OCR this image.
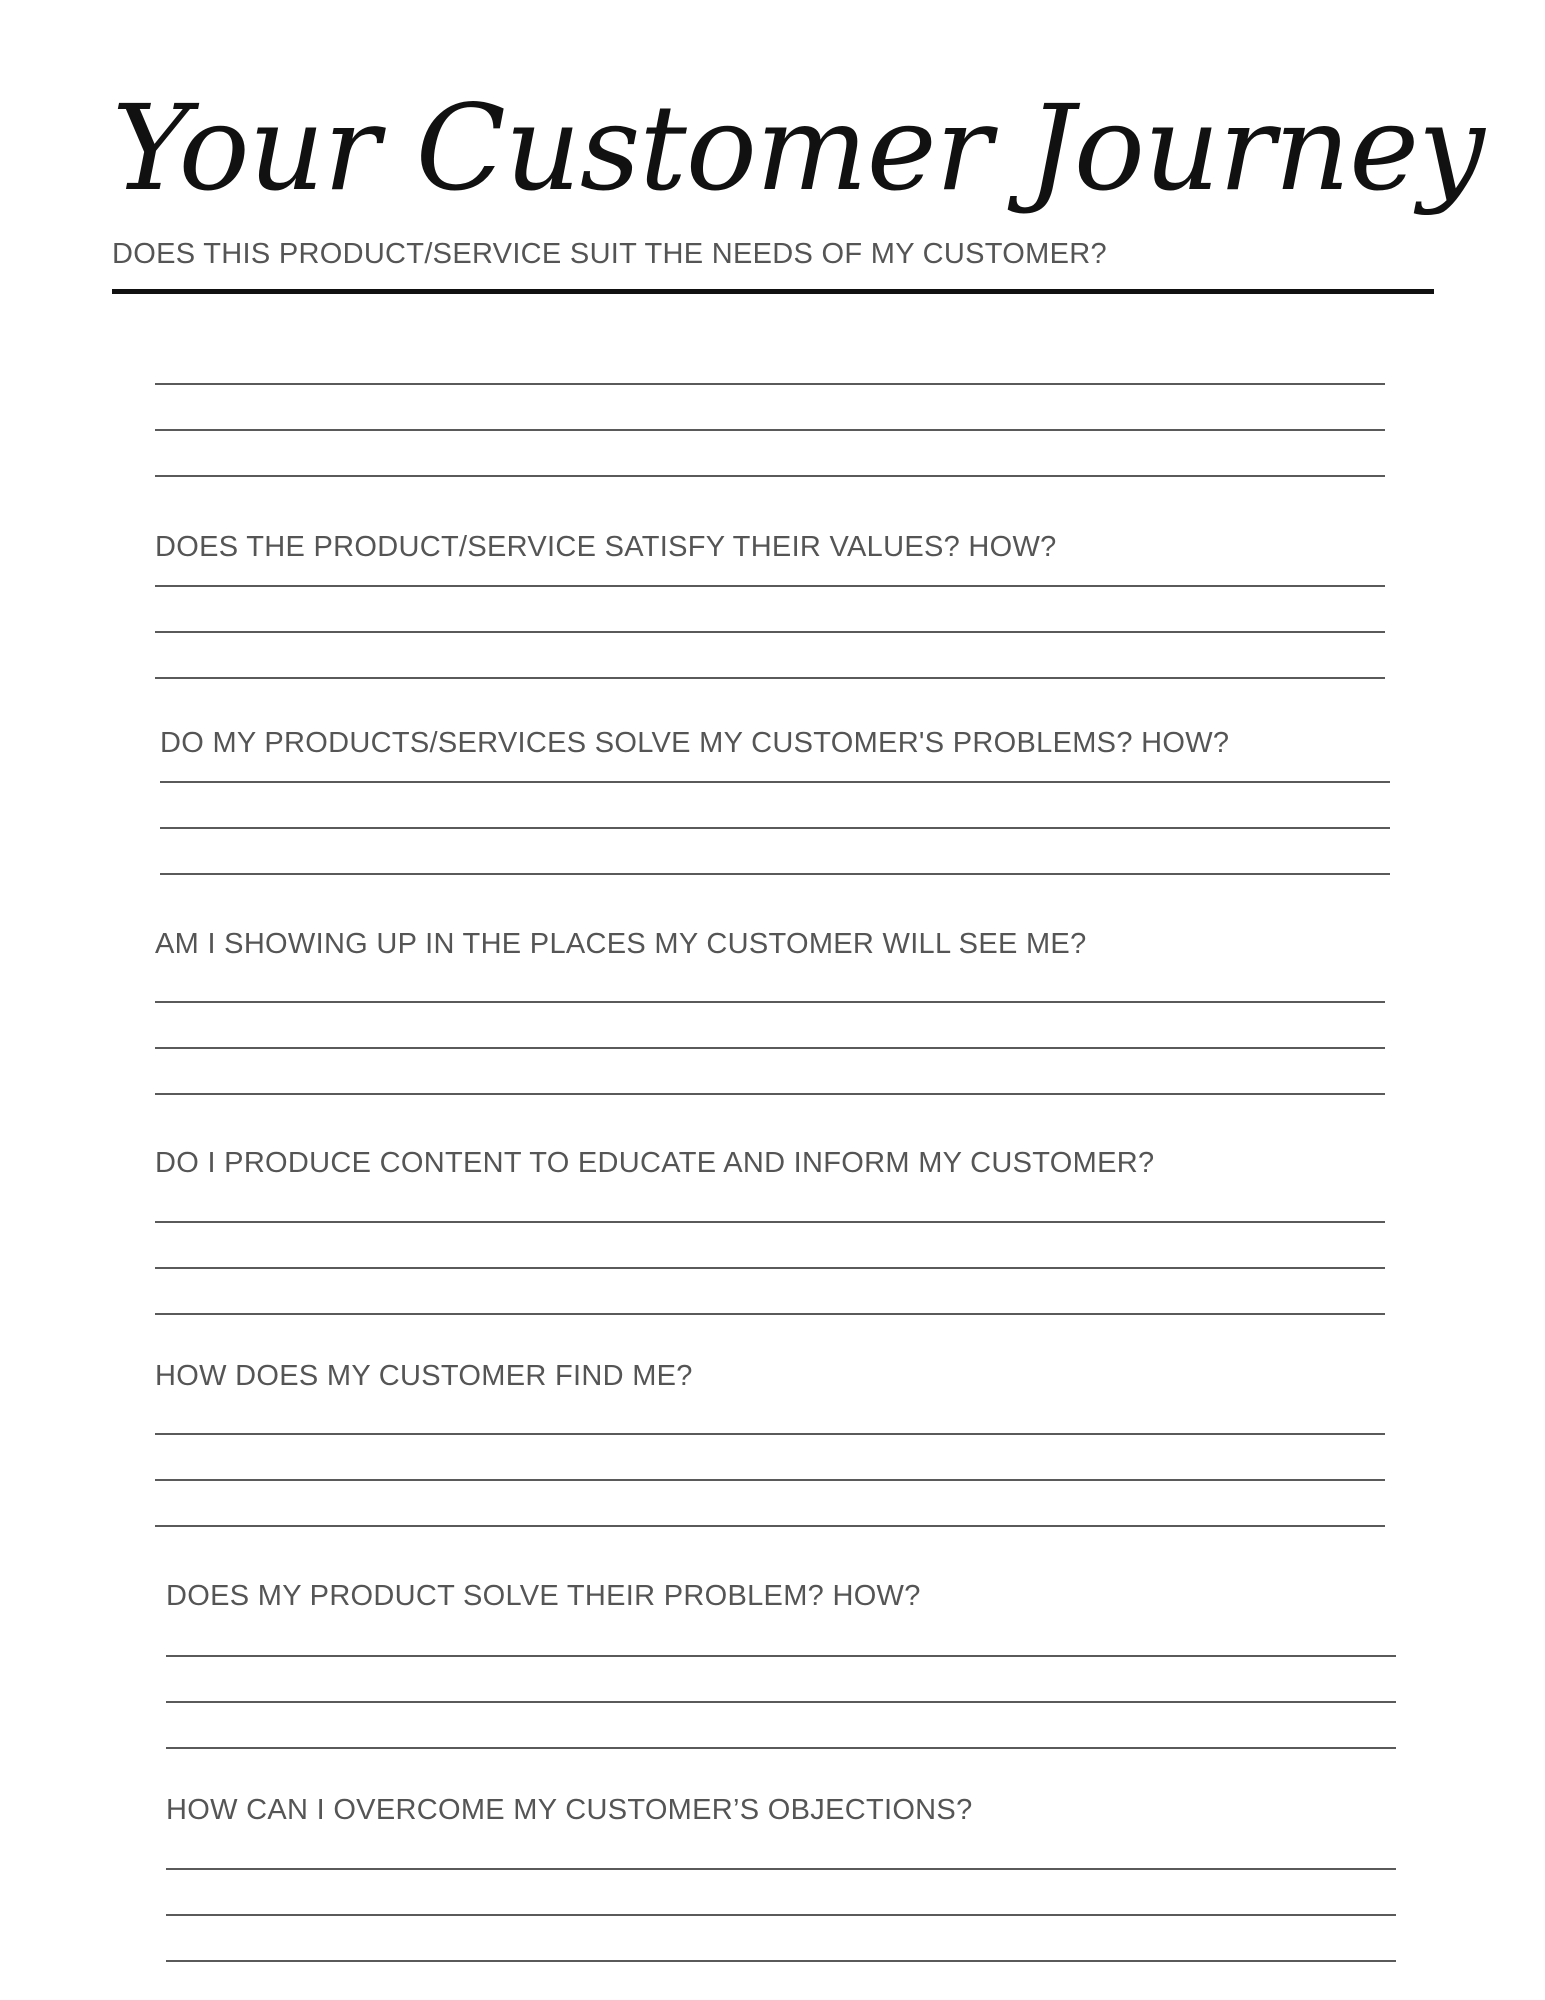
Your Customer Journey
DOES THIS PRODUCT/SERVICE SUIT THE NEEDS OF MY CUSTOMER?
DOES THE PRODUCT/SERVICE SATISFY THEIR VALUES? HOW?
DO MY PRODUCTS/SERVICES SOLVE MY CUSTOMER'S PROBLEMS? HOW?
AM I SHOWING UP IN THE PLACES MY CUSTOMER WILL SEE ME?
DO I PRODUCE CONTENT TO EDUCATE AND INFORM MY CUSTOMER?
HOW DOES MY CUSTOMER FIND ME?
DOES MY PRODUCT SOLVE THEIR PROBLEM? HOW?
HOW CAN I OVERCOME MY CUSTOMER’S OBJECTIONS?
